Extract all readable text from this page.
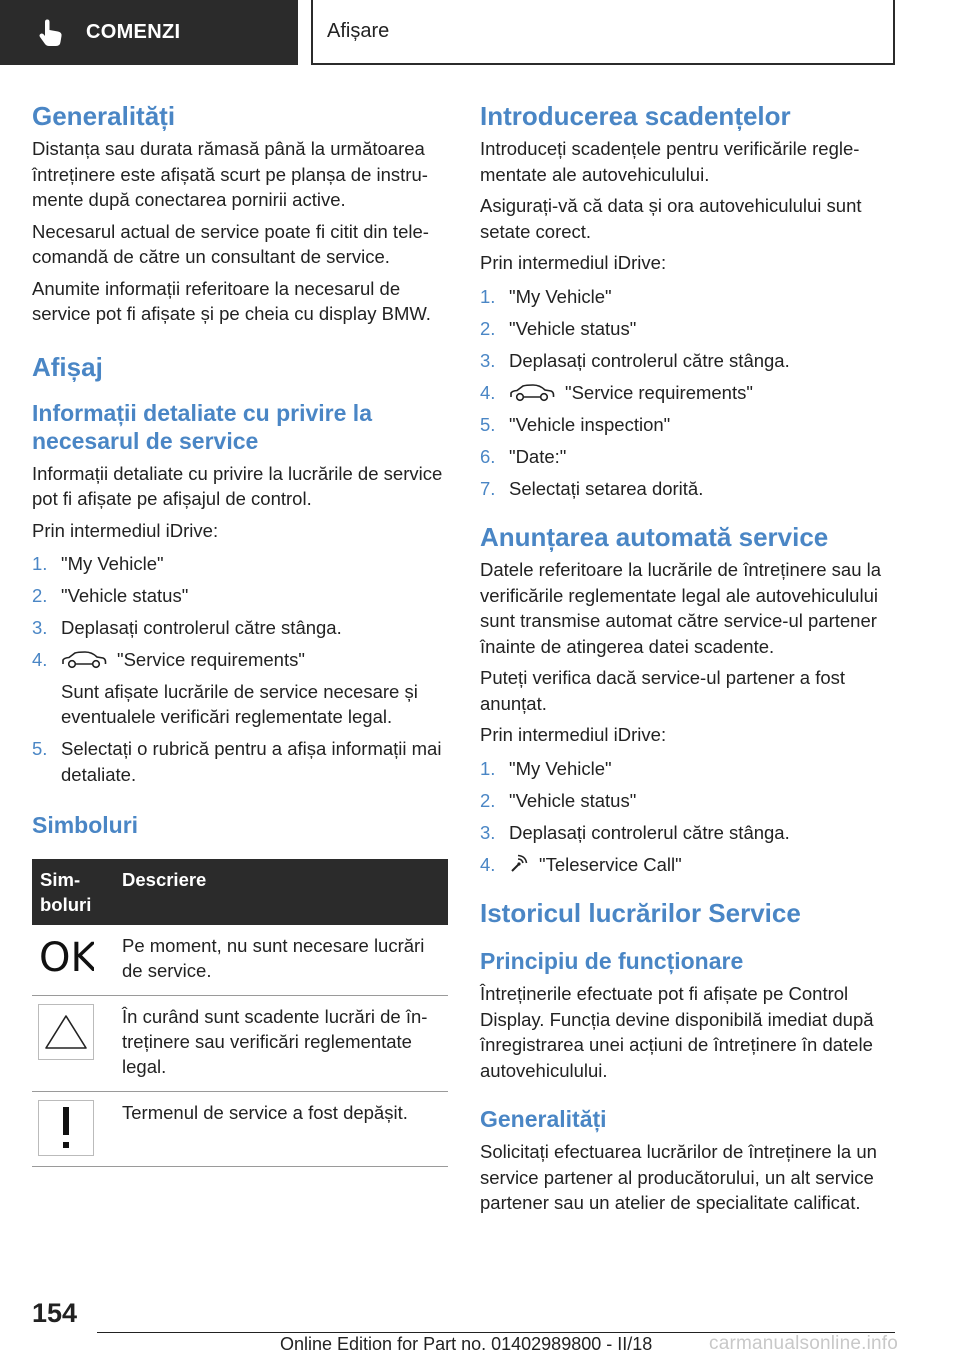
COMENZI	Afișare
Generalități

Distanța sau durata rămasă până la următoarea întreținere este afișată scurt pe planșa de instrumente după conectarea pornirii active.

Necesarul actual de service poate fi citit din telecomandă de către un consultant de service.

Anumite informații referitoare la necesarul de service pot fi afișate și pe cheia cu display BMW.

Afișaj
Informații detaliate cu privire la necesarul de service

Informații detaliate cu privire la lucrările de service pot fi afișate pe afișajul de control.

Prin intermediul iDrive:

1. "My Vehicle"
2. "Vehicle status"
3. Deplasați controlerul către stânga.
4.	"Service requirements"
Sunt afișate lucrările de service necesare și eventualele verificări reglementate legal.
5. Selectați o rubrică pentru a afișa informații mai detaliate.
Simboluri
Simboluri	Descriere

OK	Pe moment, nu sunt necesare lucrări de service.

	În curând sunt scadente lucrări de întreținere sau verificări reglementate legal.

	Termenul de service a fost depășit.
Introducerea scadențelor

Introduceți scadențele pentru verificările reglementate ale autovehiculului.

Asigurați-vă că data și ora autovehiculului sunt setate corect.

Prin intermediul iDrive:

1. "My Vehicle"
2. "Vehicle status"
3. Deplasați controlerul către stânga.
4.	"Service requirements"
5. "Vehicle inspection"
6. "Date:"
7. Selectați setarea dorită.
Anunțarea automată service

Datele referitoare la lucrările de întreținere sau la verificările reglementate legal ale autovehiculului sunt transmise automat către service-ul partener înainte de atingerea datei scadente.

Puteți verifica dacă service-ul partener a fost anunțat.

Prin intermediul iDrive:

1. "My Vehicle"
2. "Vehicle status"
3. Deplasați controlerul către stânga.
4.	"Teleservice Call"
Istoricul lucrărilor Service
Principiu de funcționare

Întreținerile efectuate pot fi afișate pe Control Display. Funcția devine disponibilă imediat după înregistrarea unei acțiuni de întreținere în datele autovehiculului.

Generalități

Solicitați efectuarea lucrărilor de întreținere la un service partener al producătorului, un alt service partener sau un atelier de specialitate calificat.

154
Online Edition for Part no. 01402989800 - II/18	carmanualsonline.info
